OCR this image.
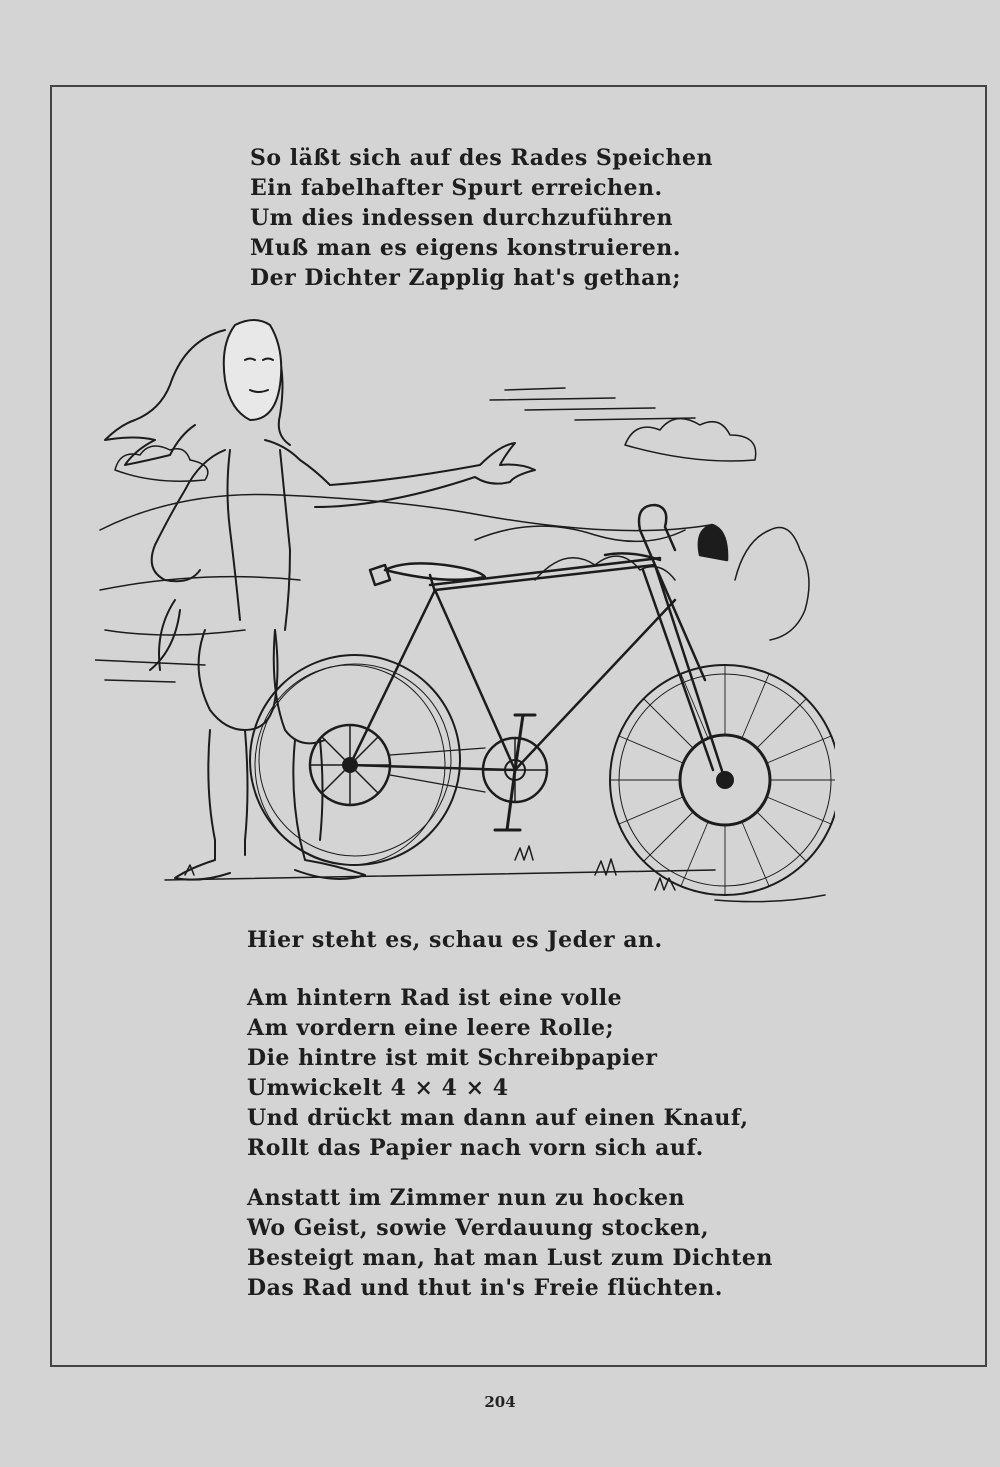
So läßt sich auf des Rades Speichen
Ein fabelhafter Spurt erreichen.
Um dies indessen durchzuführen
Muß man es eigens konstruieren.
Der Dichter Zapplig hat's gethan;
Hier steht es, schau es Jeder an.
Am hintern Rad ist eine volle
Am vordern eine leere Rolle;
Die hintre ist mit Schreibpapier
Umwickelt 4 × 4 × 4
Und drückt man dann auf einen Knauf,
Rollt das Papier nach vorn sich auf.
Anstatt im Zimmer nun zu hocken
Wo Geist, sowie Verdauung stocken,
Besteigt man, hat man Lust zum Dichten
Das Rad und thut in's Freie flüchten.
204
